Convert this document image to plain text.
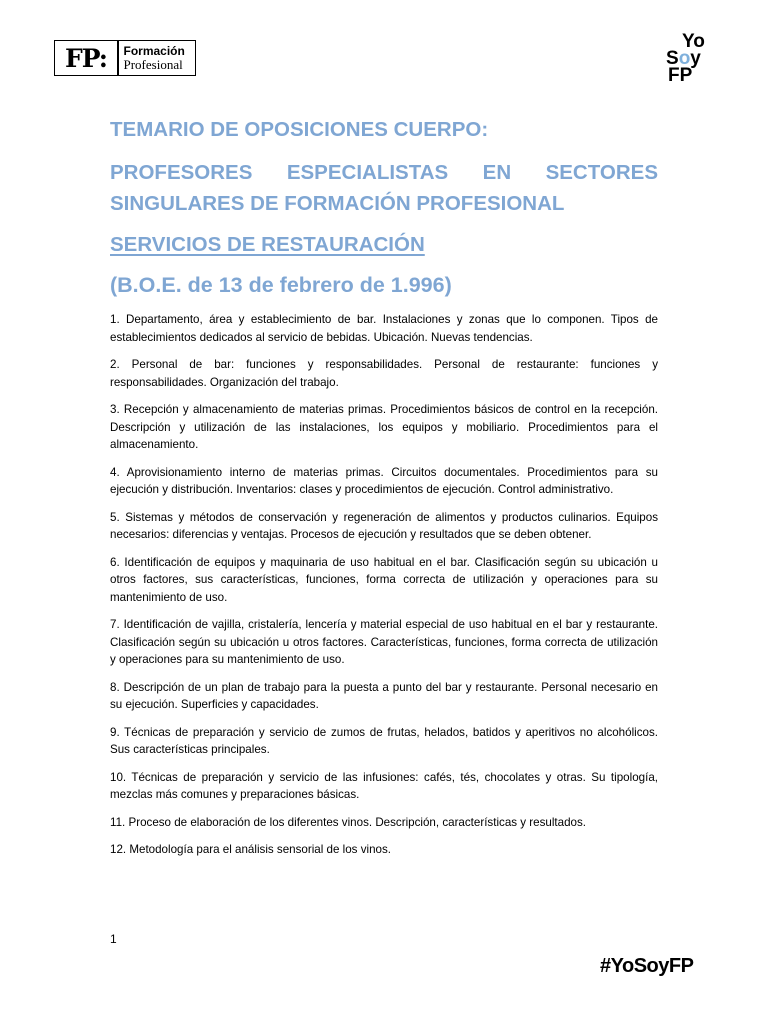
FP:	Formación
Profesional
Yo
Soy
FP
TEMARIO DE OPOSICIONES CUERPO:
PROFESORES ESPECIALISTAS EN SECTORES SINGULARES DE FORMACIÓN PROFESIONAL
SERVICIOS DE RESTAURACIÓN
(B.O.E. de 13 de febrero de 1.996)

1. Departamento, área y establecimiento de bar. Instalaciones y zonas que lo componen. Tipos de establecimientos dedicados al servicio de bebidas. Ubicación. Nuevas tendencias.

2. Personal de bar: funciones y responsabilidades. Personal de restaurante: funciones y responsabilidades. Organización del trabajo.

3. Recepción y almacenamiento de materias primas. Procedimientos básicos de control en la recepción. Descripción y utilización de las instalaciones, los equipos y mobiliario. Procedimientos para el almacenamiento.

4. Aprovisionamiento interno de materias primas. Circuitos documentales. Procedimientos para su ejecución y distribución. Inventarios: clases y procedimientos de ejecución. Control administrativo.

5. Sistemas y métodos de conservación y regeneración de alimentos y productos culinarios. Equipos necesarios: diferencias y ventajas. Procesos de ejecución y resultados que se deben obtener.

6. Identificación de equipos y maquinaria de uso habitual en el bar. Clasificación según su ubicación u otros factores, sus características, funciones, forma correcta de utilización y operaciones para su mantenimiento de uso.

7. Identificación de vajilla, cristalería, lencería y material especial de uso habitual en el bar y restaurante. Clasificación según su ubicación u otros factores. Características, funciones, forma correcta de utilización y operaciones para su mantenimiento de uso.

8. Descripción de un plan de trabajo para la puesta a punto del bar y restaurante. Personal necesario en su ejecución. Superficies y capacidades.

9. Técnicas de preparación y servicio de zumos de frutas, helados, batidos y aperitivos no alcohólicos. Sus características principales.

10. Técnicas de preparación y servicio de las infusiones: cafés, tés, chocolates y otras. Su tipología, mezclas más comunes y preparaciones básicas.

11. Proceso de elaboración de los diferentes vinos. Descripción, características y resultados.

12. Metodología para el análisis sensorial de los vinos.

1
#YoSoyFP
